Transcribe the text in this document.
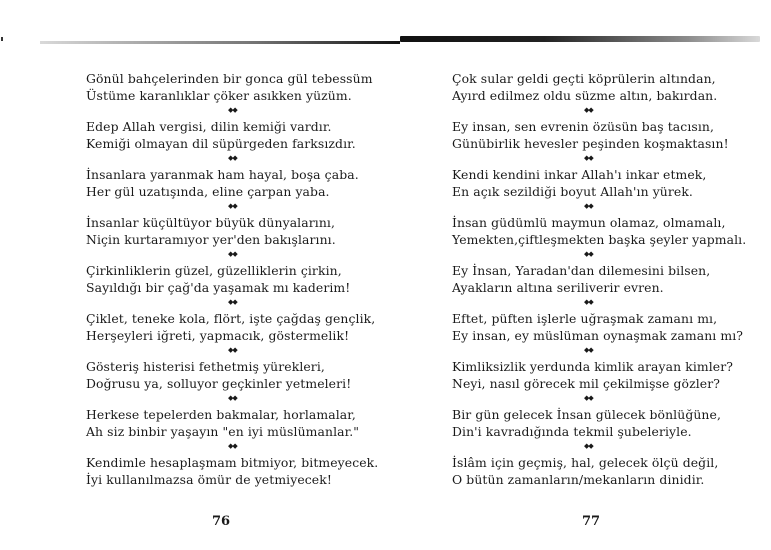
Gönül bahçelerinden bir gonca gül tebessüm
Üstüme karanlıklar çöker asıkken yüzüm.
◆◆
Edep Allah vergisi, dilin kemiği vardır.
Kemiği olmayan dil süpürgeden farksızdır.
◆◆
İnsanlara yaranmak ham hayal, boşa çaba.
Her gül uzatışında, eline çarpan yaba.
◆◆
İnsanlar küçültüyor büyük dünyalarını,
Niçin kurtaramıyor yer'den bakışlarını.
◆◆
Çirkinliklerin güzel, güzelliklerin çirkin,
Sayıldığı bir çağ'da yaşamak mı kaderim!
◆◆
Çiklet, teneke kola, flört, işte çağdaş gençlik,
Herşeyleri iğreti, yapmacık, göstermelik!
◆◆
Gösteriş histerisi fethetmiş yürekleri,
Doğrusu ya, solluyor geçkinler yetmeleri!
◆◆
Herkese tepelerden bakmalar, horlamalar,
Ah siz binbir yaşayın "en iyi müslümanlar."
◆◆
Kendimle hesaplaşmam bitmiyor, bitmeyecek.
İyi kullanılmazsa ömür de yetmiyecek!
Çok sular geldi geçti köprülerin altından,
Ayırd edilmez oldu süzme altın, bakırdan.
◆◆
Ey insan, sen evrenin özüsün baş tacısın,
Günübirlik hevesler peşinden koşmaktasın!
◆◆
Kendi kendini inkar Allah'ı inkar etmek,
En açık sezildiği boyut Allah'ın yürek.
◆◆
İnsan güdümlü maymun olamaz, olmamalı,
Yemekten,çiftleşmekten başka şeyler yapmalı.
◆◆
Ey İnsan, Yaradan'dan dilemesini bilsen,
Ayakların altına seriliverir evren.
◆◆
Eftet, püften işlerle uğraşmak zamanı mı,
Ey insan, ey müslüman oynaşmak zamanı mı?
◆◆
Kimliksizlik yerdunda kimlik arayan kimler?
Neyi, nasıl görecek mil çekilmişse gözler?
◆◆
Bir gün gelecek İnsan gülecek bönlüğüne,
Din'i kavradığında tekmil şubeleriyle.
◆◆
İslâm için geçmiş, hal, gelecek ölçü değil,
O bütün zamanların/mekanların dinidir.
76	77
